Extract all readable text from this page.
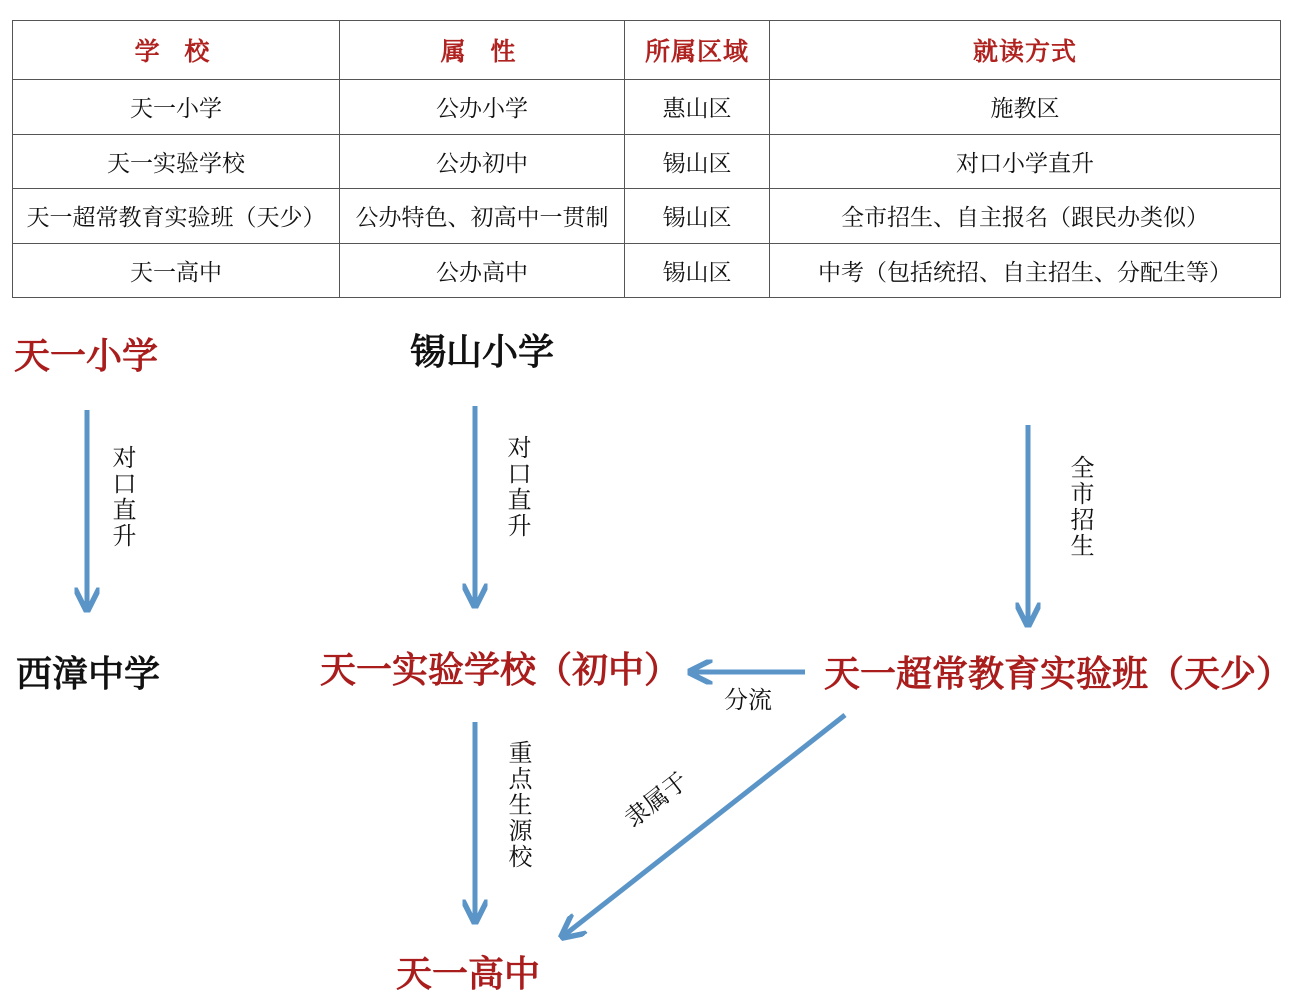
学 校	属 性	所属区域	就读方式
天一小学	公办小学	惠山区	施教区
天一实验学校	公办初中	锡山区	对口小学直升
天一超常教育实验班（天少）	公办特色、初高中一贯制	锡山区	全市招生、自主报名（跟民办类似）
天一高中	公办高中	锡山区	中考（包括统招、自主招生、分配生等）
天一小学	锡山小学
西漳中学	天一实验学校（初中）	天一超常教育实验班（天少）
天一高中
对口直升	对口直升	全市招生
分流
重点生源校	隶属于
